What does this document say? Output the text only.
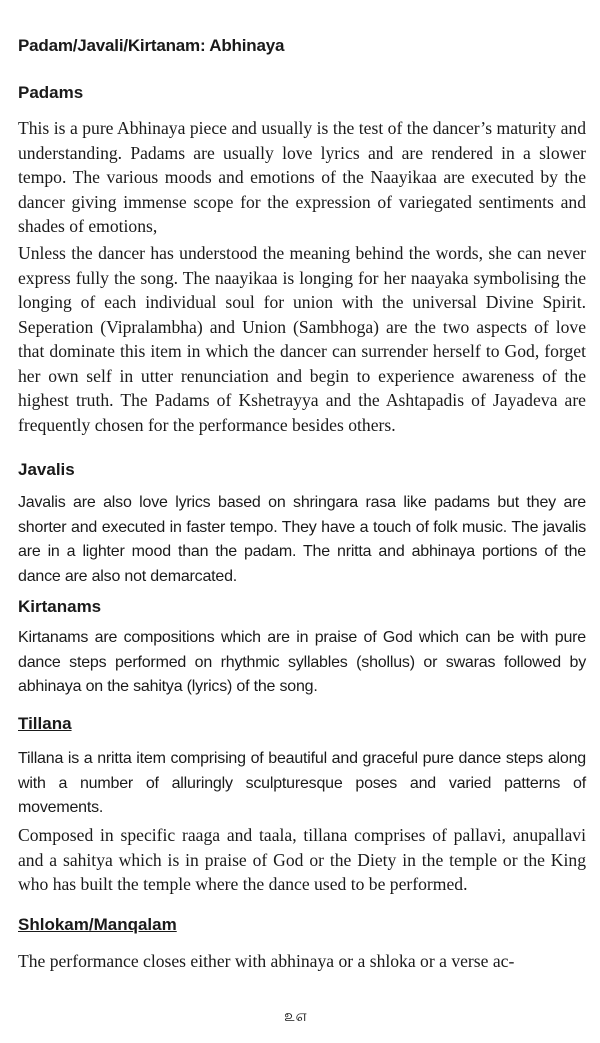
Padam/Javali/Kirtanam: Abhinaya
Padams

This is a pure Abhinaya piece and usually is the test of the dancer’s maturity and understanding. Padams are usually love lyrics and are rendered in a slower tempo. The various moods and emotions of the Naayikaa are executed by the dancer giving immense scope for the expression of variegated sentiments and shades of emotions,

Unless the dancer has understood the meaning behind the words, she can never express fully the song. The naayikaa is longing for her naayaka symbolising the longing of each individual soul for union with the universal Divine Spirit. Seperation (Vipralambha) and Union (Sambhoga) are the two aspects of love that dominate this item in which the dancer can surrender herself to God, forget her own self in utter renunciation and begin to experience awareness of the highest truth. The Padams of Kshetrayya and the Ashtapadis of Jayadeva are frequently chosen for the performance besides others.

Javalis

Javalis are also love lyrics based on shringara rasa like padams but they are shorter and executed in faster tempo. They have a touch of folk music. The javalis are in a lighter mood than the padam. The nritta and abhinaya portions of the dance are also not demarcated.

Kirtanams

Kirtanams are compositions which are in praise of God which can be with pure dance steps performed on rhythmic syllables (shollus) or swaras followed by abhinaya on the sahitya (lyrics) of the song.

Tillana

Tillana is a nritta item comprising of beautiful and graceful pure dance steps along with a number of alluringly sculpturesque poses and varied patterns of movements.

Composed in specific raaga and taala, tillana comprises of pallavi, anupallavi and a sahitya which is in praise of God or the Diety in the temple or the King who has built the temple where the dance used to be performed.

Shlokam/Manqalam

The performance closes either with abhinaya or a shloka or a verse ac-

௨௭
